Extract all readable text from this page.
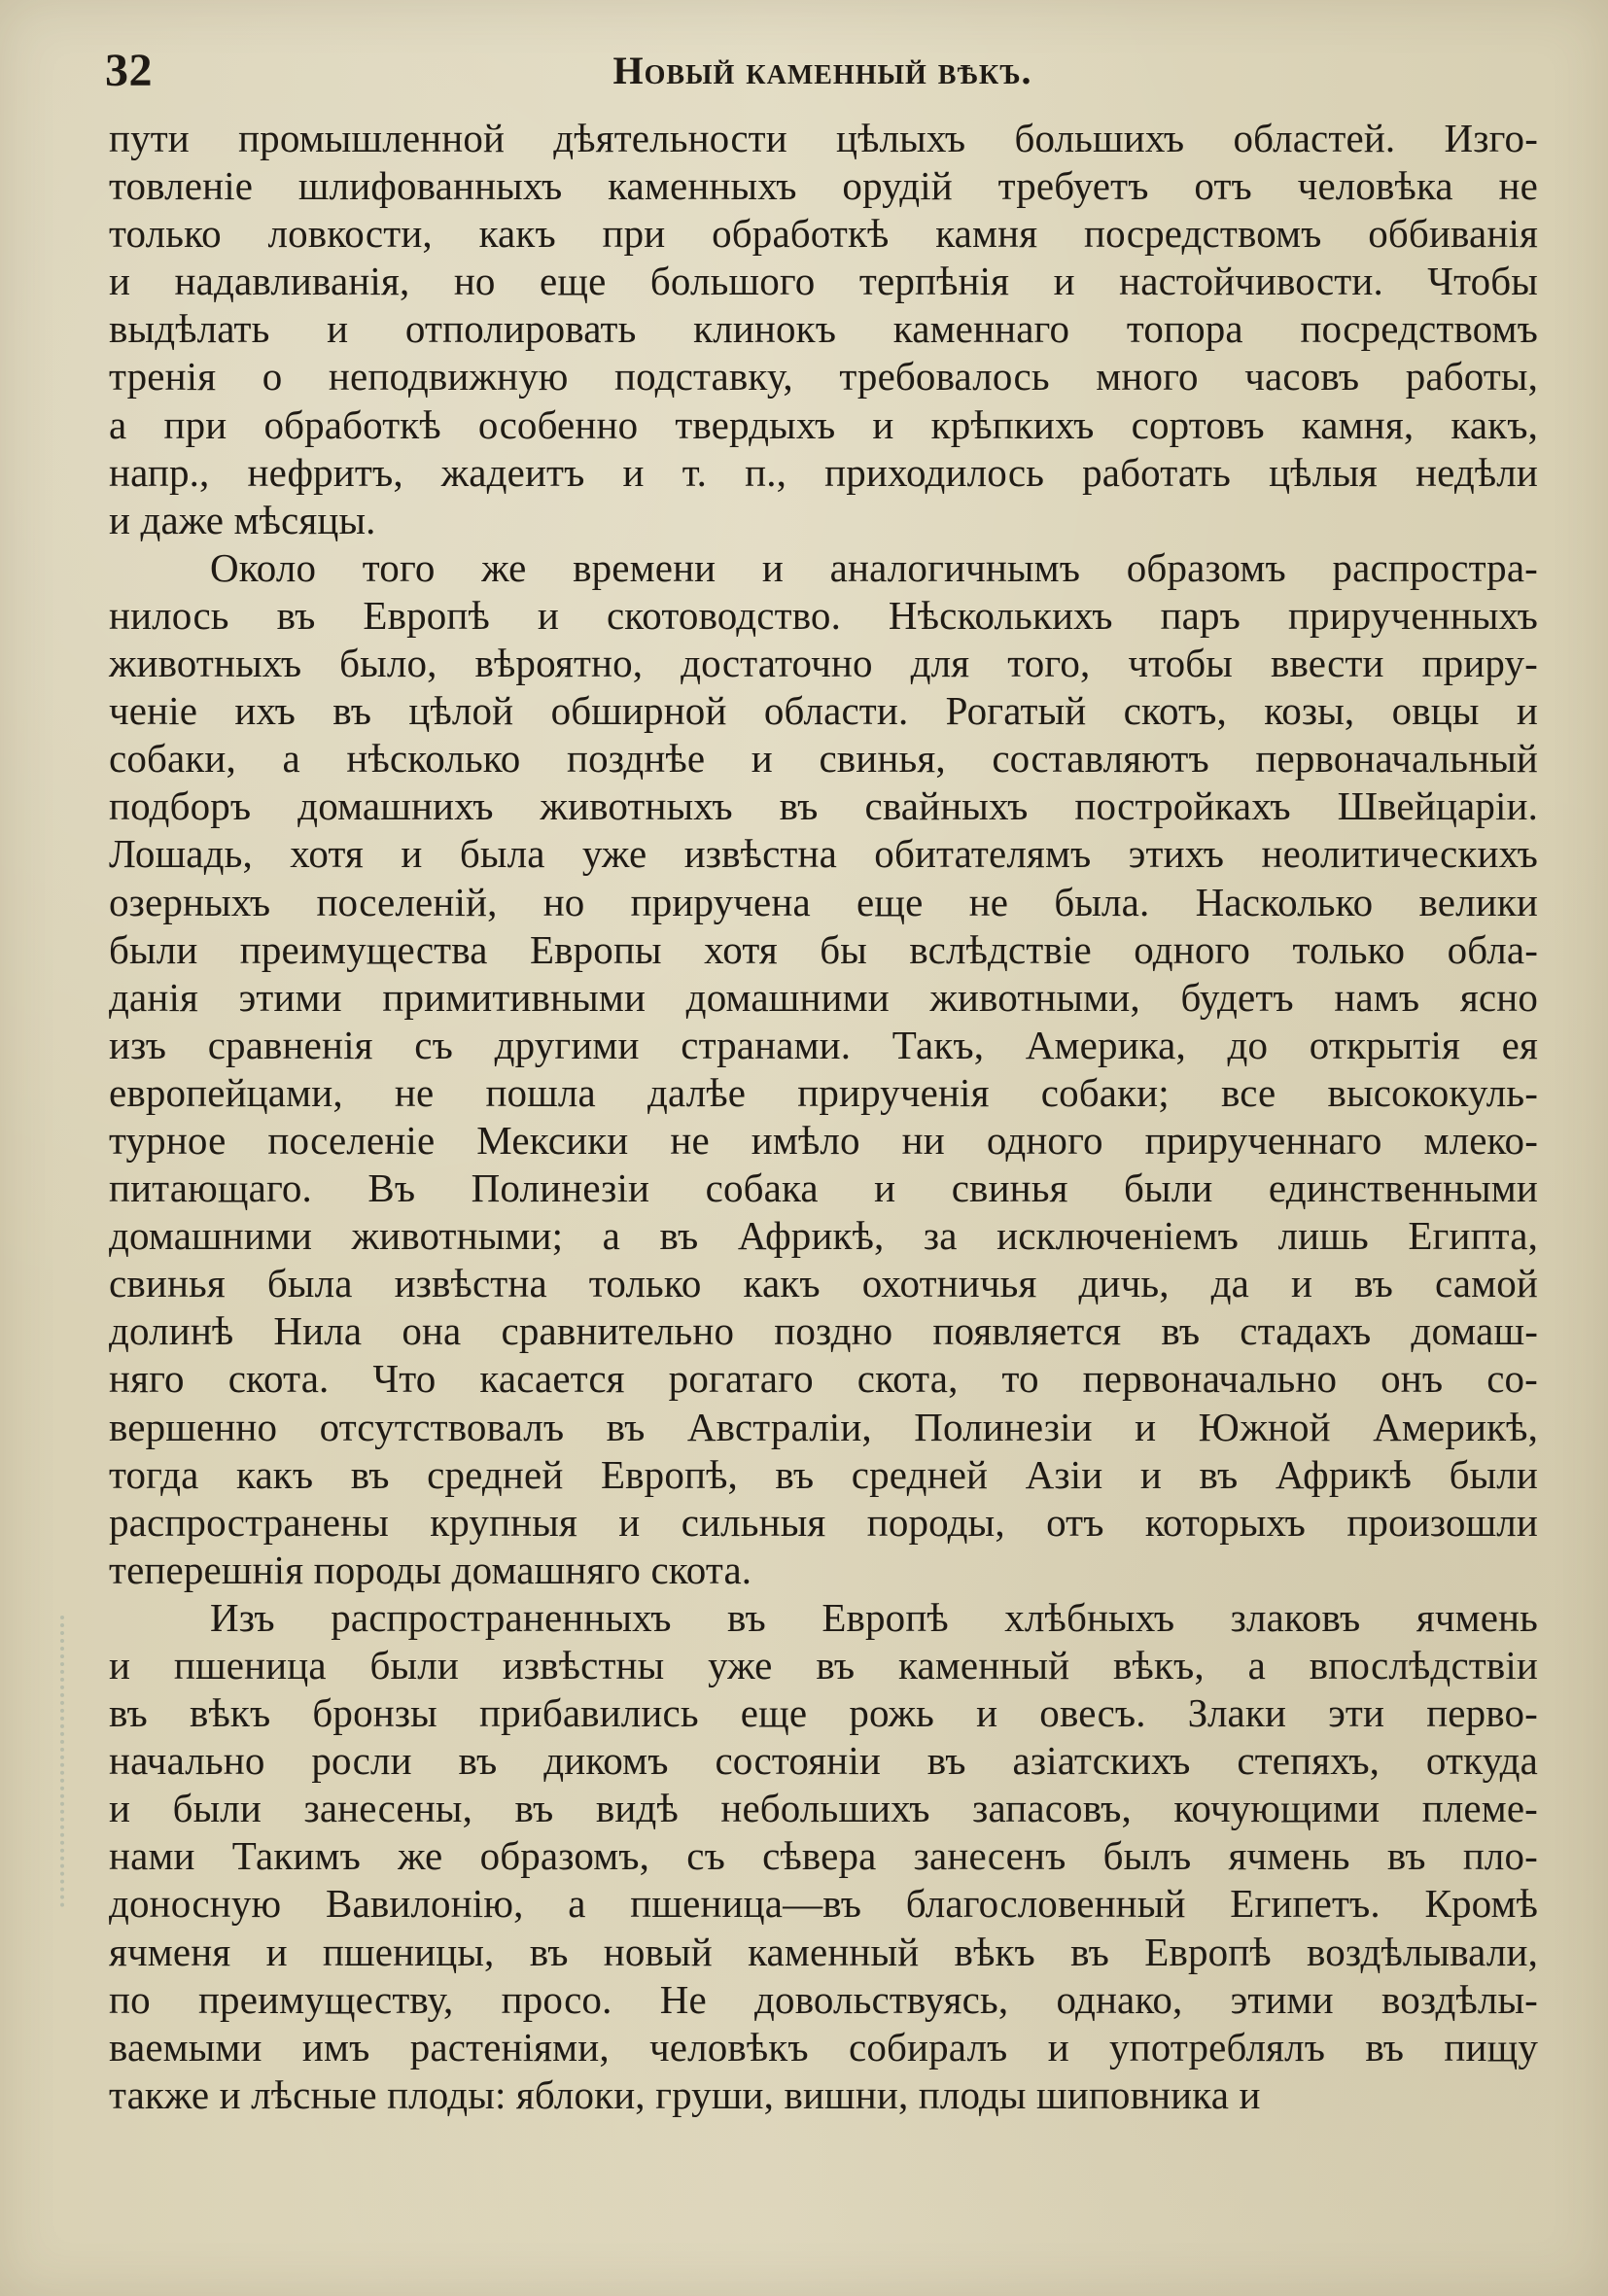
32	Новый каменный вѣкъ.
пути промышленной дѣятельности цѣлыхъ большихъ областей. Изго-
товленіе шлифованныхъ каменныхъ орудій требуетъ отъ человѣка не
только ловкости, какъ при обработкѣ камня посредствомъ оббиванія
и надавливанія, но еще большого терпѣнія и настойчивости. Чтобы
выдѣлать и отполировать клинокъ каменнаго топора посредствомъ
тренія о неподвижную подставку, требовалось много часовъ работы,
а при обработкѣ особенно твердыхъ и крѣпкихъ сортовъ камня, какъ,
напр., нефритъ, жадеитъ и т. п., приходилось работать цѣлыя недѣли
и даже мѣсяцы.
Около того же времени и аналогичнымъ образомъ распростра-
нилось въ Европѣ и скотоводство. Нѣсколькихъ паръ прирученныхъ
животныхъ было, вѣроятно, достаточно для того, чтобы ввести приру-
ченіе ихъ въ цѣлой обширной области. Рогатый скотъ, козы, овцы и
собаки, а нѣсколько позднѣе и свинья, составляютъ первоначальный
подборъ домашнихъ животныхъ въ свайныхъ постройкахъ Швейцаріи.
Лошадь, хотя и была уже извѣстна обитателямъ этихъ неолитическихъ
озерныхъ поселеній, но приручена еще не была. Насколько велики
были преимущества Европы хотя бы вслѣдствіе одного только обла-
данія этими примитивными домашними животными, будетъ намъ ясно
изъ сравненія съ другими странами. Такъ, Америка, до открытія ея
европейцами, не пошла далѣе прирученія собаки; все высококуль-
турное поселеніе Мексики не имѣло ни одного прирученнаго млеко-
питающаго. Въ Полинезіи собака и свинья были единственными
домашними животными; а въ Африкѣ, за исключеніемъ лишь Египта,
свинья была извѣстна только какъ охотничья дичь, да и въ самой
долинѣ Нила она сравнительно поздно появляется въ стадахъ домаш-
няго скота. Что касается рогатаго скота, то первоначально онъ со-
вершенно отсутствовалъ въ Австраліи, Полинезіи и Южной Америкѣ,
тогда какъ въ средней Европѣ, въ средней Азіи и въ Африкѣ были
распространены крупныя и сильныя породы, отъ которыхъ произошли
теперешнія породы домашняго скота.
Изъ распространенныхъ въ Европѣ хлѣбныхъ злаковъ ячмень
и пшеница были извѣстны уже въ каменный вѣкъ, а впослѣдствіи
въ вѣкъ бронзы прибавились еще рожь и овесъ. Злаки эти перво-
начально росли въ дикомъ состояніи въ азіатскихъ степяхъ, откуда
и были занесены, въ видѣ небольшихъ запасовъ, кочующими племе-
нами Такимъ же образомъ, съ сѣвера занесенъ былъ ячмень въ пло-
доносную Вавилонію, а пшеница—въ благословенный Египетъ. Кромѣ
ячменя и пшеницы, въ новый каменный вѣкъ въ Европѣ воздѣлывали,
по преимуществу, просо. Не довольствуясь, однако, этими воздѣлы-
ваемыми имъ растеніями, человѣкъ собиралъ и употреблялъ въ пищу
также и лѣсные плоды: яблоки, груши, вишни, плоды шиповника и
